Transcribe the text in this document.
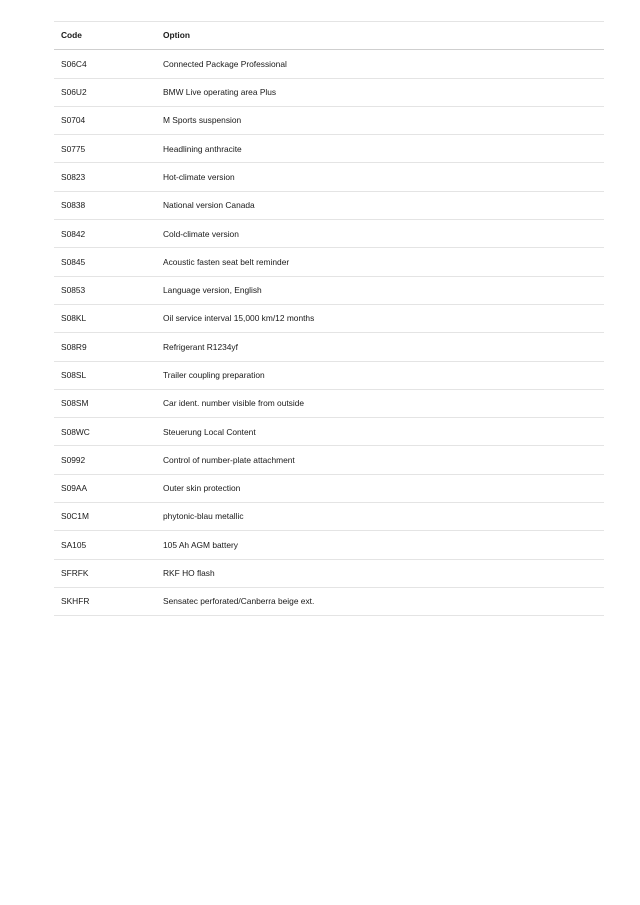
Code	Option
S06C4	Connected Package Professional
S06U2	BMW Live operating area Plus
S0704	M Sports suspension
S0775	Headlining anthracite
S0823	Hot-climate version
S0838	National version Canada
S0842	Cold-climate version
S0845	Acoustic fasten seat belt reminder
S0853	Language version, English
S08KL	Oil service interval 15,000 km/12 months
S08R9	Refrigerant R1234yf
S08SL	Trailer coupling preparation
S08SM	Car ident. number visible from outside
S08WC	Steuerung Local Content
S0992	Control of number-plate attachment
S09AA	Outer skin protection
S0C1M	phytonic-blau metallic
SA105	105 Ah AGM battery
SFRFK	RKF HO flash
SKHFR	Sensatec perforated/Canberra beige ext.
